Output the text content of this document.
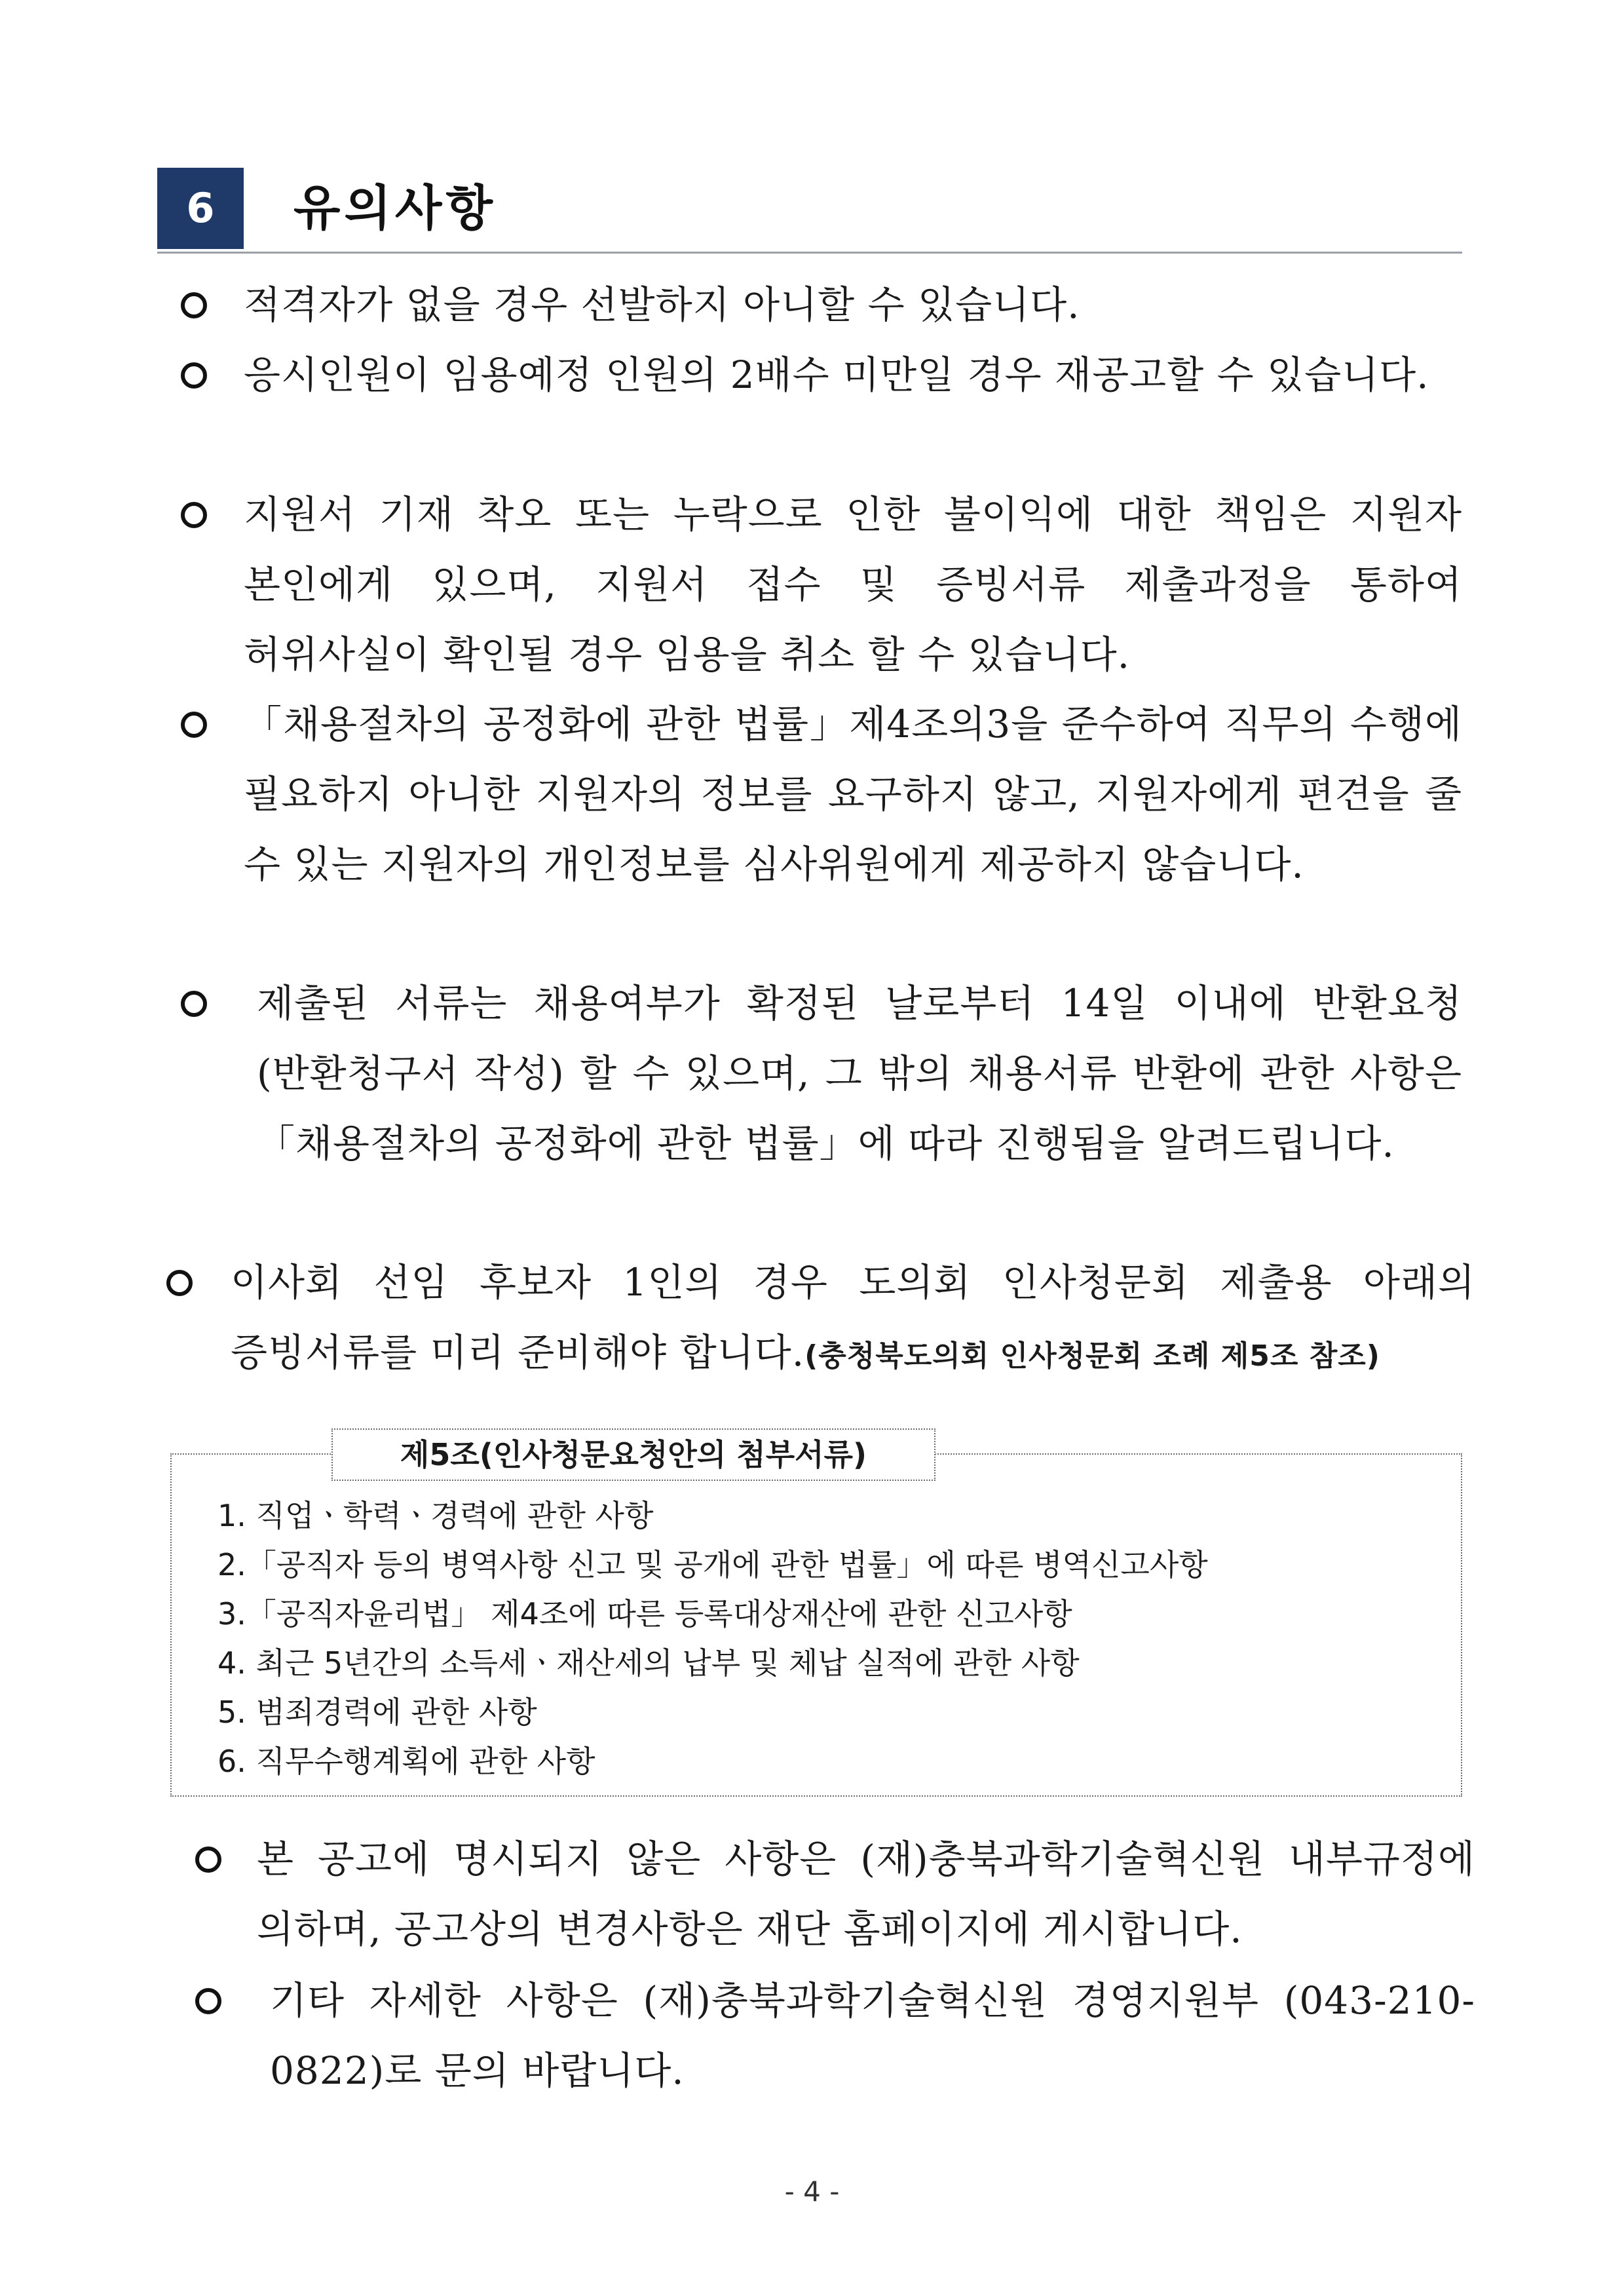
6	유의사항

적격자가 없을 경우 선발하지 아니할 수 있습니다.

응시인원이 임용예정 인원의 2배수 미만일 경우 재공고할 수 있습니다.

지원서 기재 착오 또는 누락으로 인한 불이익에 대한 책임은 지원자 본인에게 있으며, 지원서 접수 및 증빙서류 제출과정을 통하여 허위사실이 확인될 경우 임용을 취소 할 수 있습니다.

「채용절차의 공정화에 관한 법률」제4조의3을 준수하여 직무의 수행에 필요하지 아니한 지원자의 정보를 요구하지 않고, 지원자에게 편견을 줄 수 있는 지원자의 개인정보를 심사위원에게 제공하지 않습니다.

제출된 서류는 채용여부가 확정된 날로부터 14일 이내에 반환요청(반환청구서 작성) 할 수 있으며, 그 밖의 채용서류 반환에 관한 사항은 「채용절차의 공정화에 관한 법률」에 따라 진행됨을 알려드립니다.

이사회 선임 후보자 1인의 경우 도의회 인사청문회 제출용 아래의 증빙서류를 미리 준비해야 합니다.(충청북도의회 인사청문회 조례 제5조 참조)

제5조(인사청문요청안의 첨부서류)
1. 직업ㆍ학력ㆍ경력에 관한 사항
2.「공직자 등의 병역사항 신고 및 공개에 관한 법률」에 따른 병역신고사항
3.「공직자윤리법」 제4조에 따른 등록대상재산에 관한 신고사항
4. 최근 5년간의 소득세ㆍ재산세의 납부 및 체납 실적에 관한 사항
5. 범죄경력에 관한 사항
6. 직무수행계획에 관한 사항

본 공고에 명시되지 않은 사항은 (재)충북과학기술혁신원 내부규정에 의하며, 공고상의 변경사항은 재단 홈페이지에 게시합니다.

기타 자세한 사항은 (재)충북과학기술혁신원 경영지원부 (043-210-0822)로 문의 바랍니다.

- 4 -
